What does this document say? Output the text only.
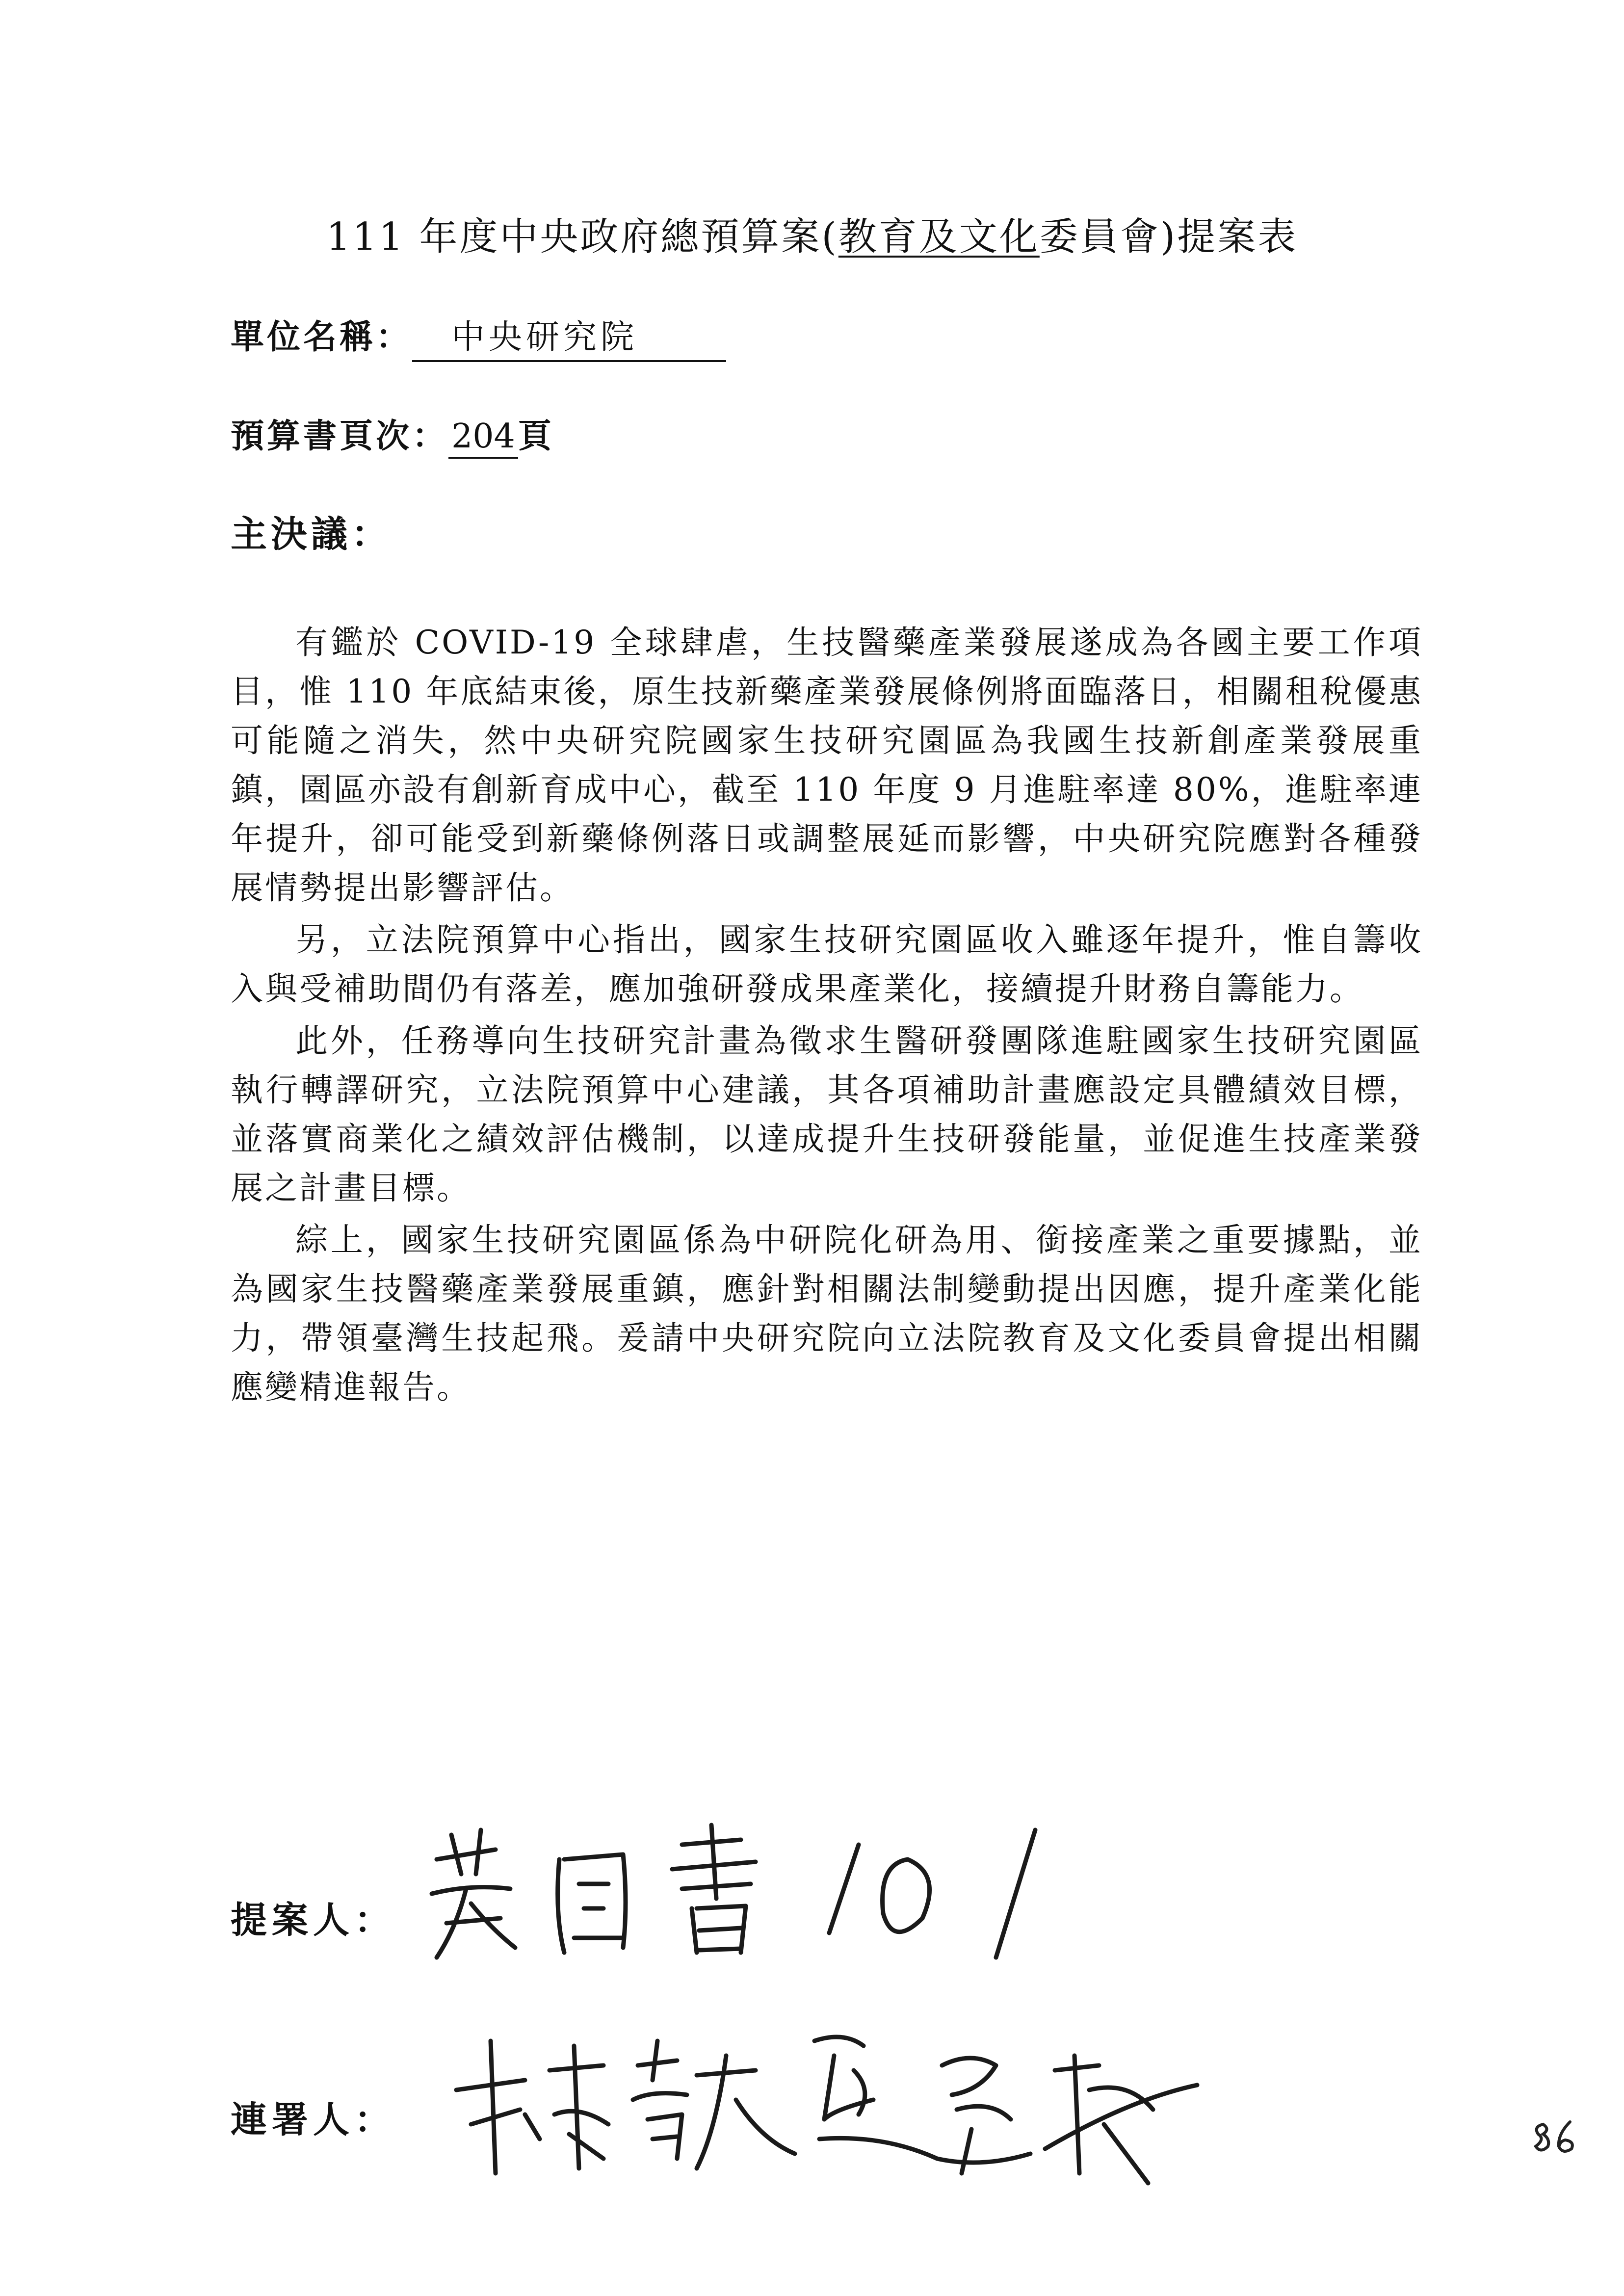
111 年度中央政府總預算案(教育及文化委員會)提案表
單位名稱： 中央研究院
預算書頁次：204頁
主決議：

有鑑於 COVID-19 全球肆虐，生技醫藥產業發展遂成為各國主要工作項目，惟 110 年底結束後，原生技新藥產業發展條例將面臨落日，相關租稅優惠可能隨之消失，然中央研究院國家生技研究園區為我國生技新創產業發展重鎮，園區亦設有創新育成中心，截至 110 年度 9 月進駐率達 80%，進駐率連年提升，卻可能受到新藥條例落日或調整展延而影響，中央研究院應對各種發展情勢提出影響評估。

另，立法院預算中心指出，國家生技研究園區收入雖逐年提升，惟自籌收入與受補助間仍有落差，應加強研發成果產業化，接續提升財務自籌能力。

此外，任務導向生技研究計畫為徵求生醫研發團隊進駐國家生技研究園區執行轉譯研究，立法院預算中心建議，其各項補助計畫應設定具體績效目標，並落實商業化之績效評估機制，以達成提升生技研發能量，並促進生技產業發展之計畫目標。

綜上，國家生技研究園區係為中研院化研為用、銜接產業之重要據點，並為國家生技醫藥產業發展重鎮，應針對相關法制變動提出因應，提升產業化能力，帶領臺灣生技起飛。爰請中央研究院向立法院教育及文化委員會提出相關應變精進報告。

提案人：
連署人：
